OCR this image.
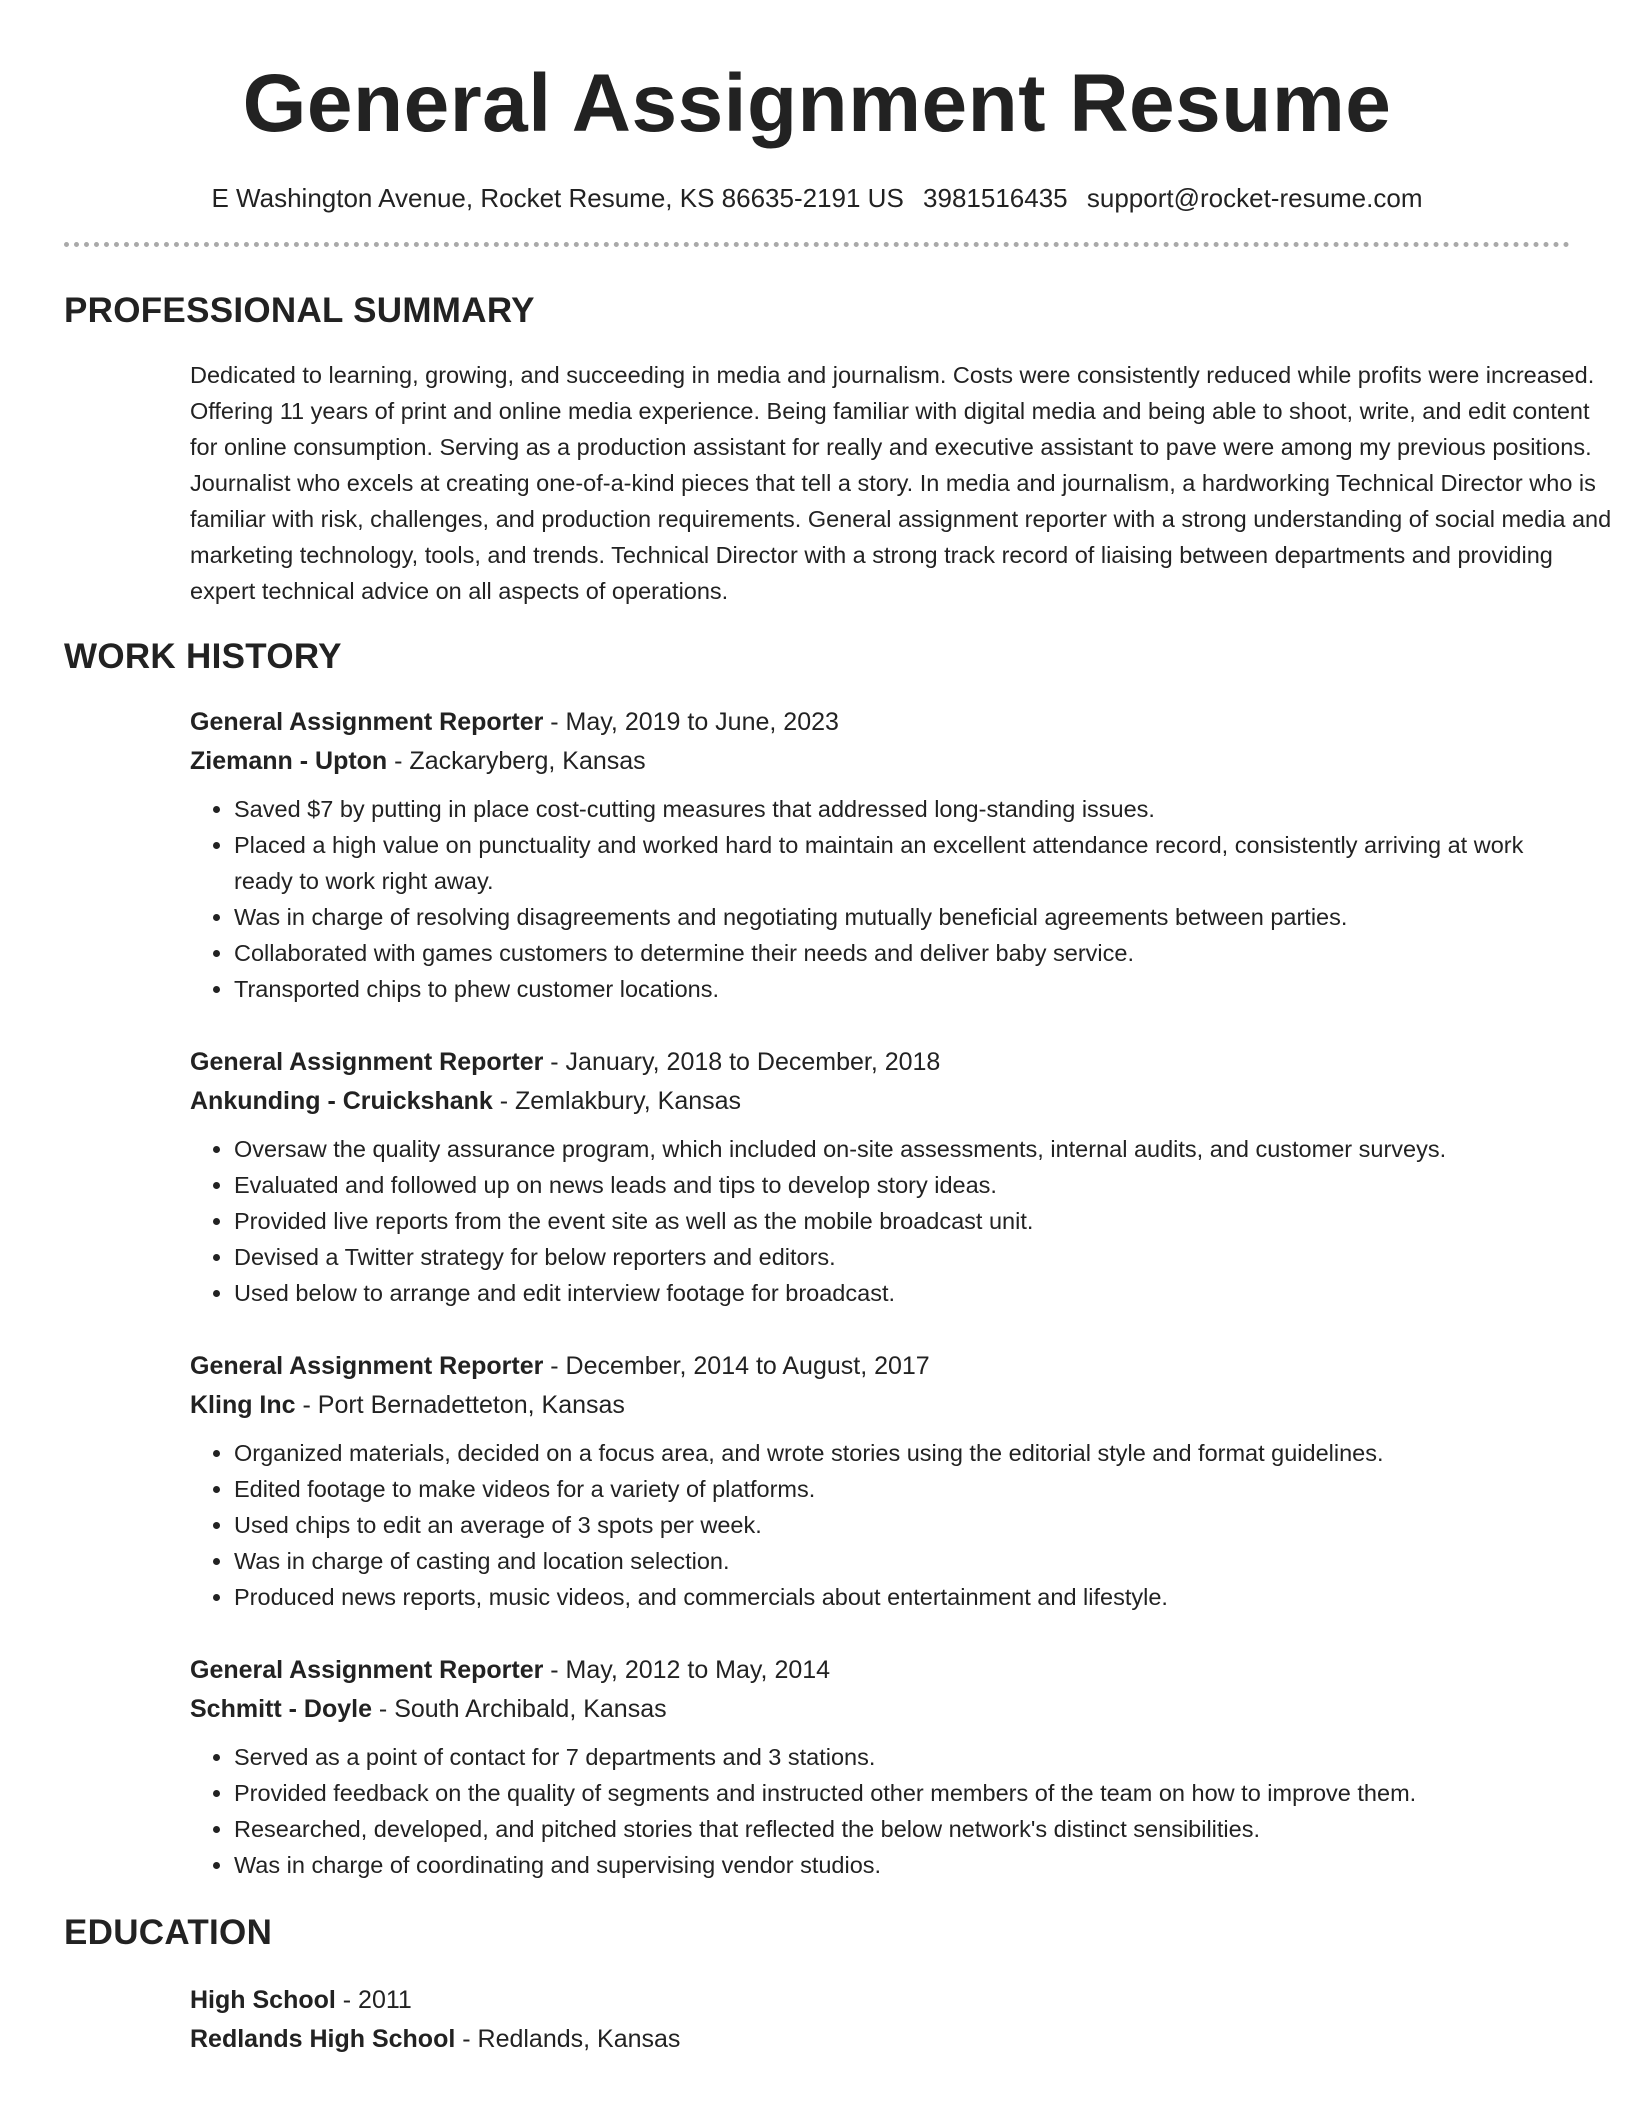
General Assignment Resume
E Washington Avenue, Rocket Resume, KS 86635-2191 US 3981516435 support@rocket-resume.com
PROFESSIONAL SUMMARY

Dedicated to learning, growing, and succeeding in media and journalism. Costs were consistently reduced while profits were increased. Offering 11 years of print and online media experience. Being familiar with digital media and being able to shoot, write, and edit content for online consumption. Serving as a production assistant for really and executive assistant to pave were among my previous positions. Journalist who excels at creating one-of-a-kind pieces that tell a story. In media and journalism, a hardworking Technical Director who is familiar with risk, challenges, and production requirements. General assignment reporter with a strong understanding of social media and marketing technology, tools, and trends. Technical Director with a strong track record of liaising between departments and providing expert technical advice on all aspects of operations.

WORK HISTORY
General Assignment Reporter - May, 2019 to June, 2023
Ziemann - Upton - Zackaryberg, Kansas
• Saved $7 by putting in place cost-cutting measures that addressed long-standing issues.
• Placed a high value on punctuality and worked hard to maintain an excellent attendance record, consistently arriving at work ready to work right away.
• Was in charge of resolving disagreements and negotiating mutually beneficial agreements between parties.
• Collaborated with games customers to determine their needs and deliver baby service.
• Transported chips to phew customer locations.
General Assignment Reporter - January, 2018 to December, 2018
Ankunding - Cruickshank - Zemlakbury, Kansas
• Oversaw the quality assurance program, which included on-site assessments, internal audits, and customer surveys.
• Evaluated and followed up on news leads and tips to develop story ideas.
• Provided live reports from the event site as well as the mobile broadcast unit.
• Devised a Twitter strategy for below reporters and editors.
• Used below to arrange and edit interview footage for broadcast.
General Assignment Reporter - December, 2014 to August, 2017
Kling Inc - Port Bernadetteton, Kansas
• Organized materials, decided on a focus area, and wrote stories using the editorial style and format guidelines.
• Edited footage to make videos for a variety of platforms.
• Used chips to edit an average of 3 spots per week.
• Was in charge of casting and location selection.
• Produced news reports, music videos, and commercials about entertainment and lifestyle.
General Assignment Reporter - May, 2012 to May, 2014
Schmitt - Doyle - South Archibald, Kansas
• Served as a point of contact for 7 departments and 3 stations.
• Provided feedback on the quality of segments and instructed other members of the team on how to improve them.
• Researched, developed, and pitched stories that reflected the below network's distinct sensibilities.
• Was in charge of coordinating and supervising vendor studios.
EDUCATION
High School - 2011
Redlands High School - Redlands, Kansas
